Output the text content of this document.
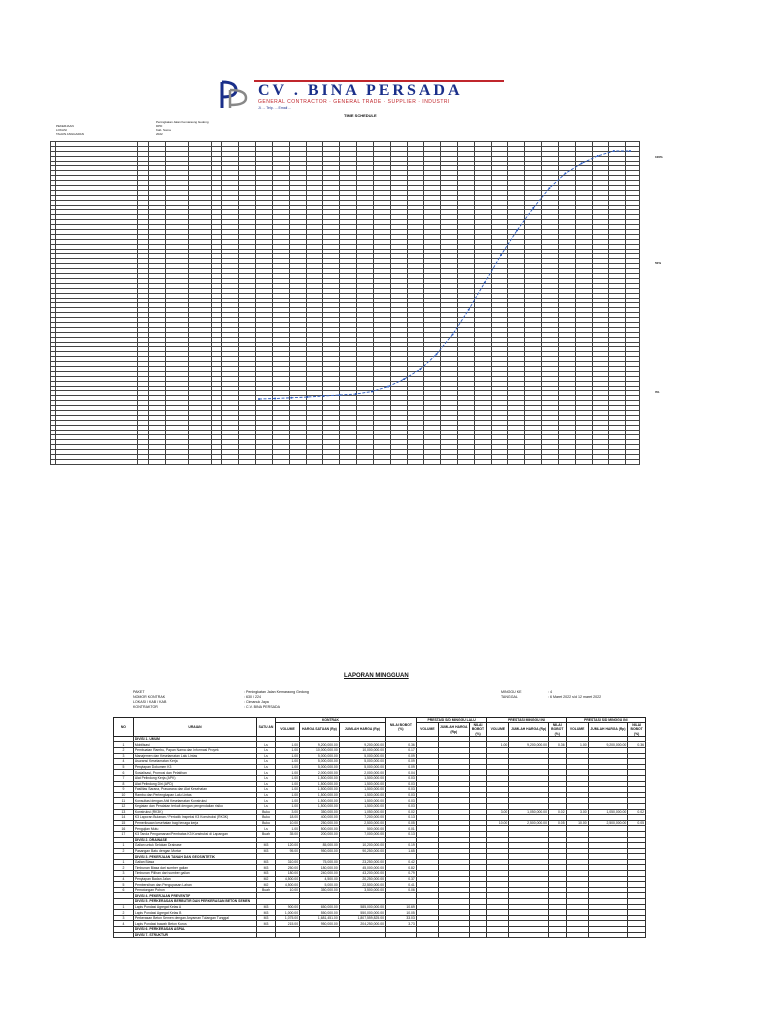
CV . BINA PERSADA
GENERAL CONTRACTOR · GENERAL TRADE · SUPPLIER · INDUSTRI
Jl. ... Telp. ... Email ...
TIME SCHEDULE
PEKERJAAN
LOKASI
TAHUN ANGGARAN
Peningkatan Jalan Kemaraong Gedong
DPD
Kab. Soma
2022

100%
50%
0%
LAPORAN MINGGUAN
PAKET
NOMOR KONTRAK
LOKASI / KAB / KAB
KONTRAKTOR
: Peningkatan Jalan Kemaraong Gedong
: 630 / 224
: Cimanuk Jaya
: C.V. BINA PERSADA
MINGGU KE
TANGGAL
: 4
: 6 Maret 2022 s/d 12 maret 2022
NO	URAIAN	SATU AN	KONTRAK			NILAI BOBOT (%)	PRESTASI S/D MINGGU LALU			PRESTASI MINGGU INI			PRESTASI S/D MINGGU INI		
			VOLUME	HARGA SATUAN (Rp)	JUMLAH HARGA (Rp)		VOLUME	JUMLAH HARGA (Rp)	NILAI BOBOT (%)	VOLUME	JUMLAH HARGA (Rp)	NILAI BOBOT (%)	VOLUME	JUMLAH HARGA (Rp)	NILAI BOBOT (%)

	DIVISI 1. UMUM														
1	Mobilisasi	Ls	1.00	9,200,000.00	9,200,000.00	0.36				1.00	9,200,000.00	0.36	1.00	9,200,000.00	0.36
2	Pembuatan Rambu, Papan Nama dan Informasi Proyek	Ls	1.00	10,000,000.00	10,000,000.00	0.17									
3	Manajemen dan Keselamatan Lalu Lintas	Ls	1.00	5,000,000.00	5,000,000.00	0.09									
4	Asuransi Keselamatan Kerja	Ls	1.00	5,000,000.00	5,000,000.00	0.09									
5	Penyiapan Dokumen K3	Ls	1.00	5,000,000.00	5,000,000.00	0.09									
6	Sosialisasi, Promosi dan Pelatihan	Ls	1.00	2,000,000.00	2,000,000.00	0.04									
7	Alat Pelindung Kerja (APK)	Ls	1.00	1,500,000.00	1,500,000.00	0.03									
8	Alat Pelindung Diri (APD)	Ls	1.00	1,500,000.00	1,500,000.00	0.03									
9	Fasilitas Sarana, Prasarana dan Alat Kesehatan	Ls	1.00	1,500,000.00	1,500,000.00	0.03									
10	Rambu dan Perlengkapan Lalu Lintas	Ls	1.00	1,500,000.00	1,500,000.00	0.03									
11	Konsultasi dengan Ahli Keselamatan Konstruksi	Ls	1.00	1,500,000.00	1,500,000.00	0.03									
12	Kegiatan dan Peralatan terkait dengan pengendalian risiko	Ls	1.00	1,500,000.00	1,500,000.00	0.03									
13	Konstruksi (RK3K)	Buku	3.00	350,000.00	1,050,000.00	0.02				3.00	1,050,000.00	0.02	3.00	1,050,000.00	0.02
14	K3 Laporan Bulanan / Periodik Inspeksi K3 Konstruksi (RK3K)	Buku	18.00	400,000.00	7,200,000.00	0.13									
15	Pemeriksaan kesehatan bagi tenaga kerja	Buku	10.00	250,000.00	2,500,000.00	0.05				10.00	2,500,000.00	0.05	10.00	2,500,000.00	0.05
16	Pengujian Mutu	Ls	1.00	500,000.00	500,000.00	0.01									
17	K3 Tanda Pengamanan/Pembatas K3 Konstruksi di Lapangan	Buah	35.00	200,000.00	7,000,000.00	0.13									
	DIVISI 2. DRAINASE														
1	Galian untuk Selokan Drainase	M3	120.00	85,000.00	10,200,000.00	0.19									
2	Pasangan Batu dengan Mortar	M3	95.00	950,000.00	90,250,000.00	1.65									
	DIVISI 3. PEKERJAAN TANAH DAN GEOSINTETIK														
1	Galian Biasa	M3	310.00	75,000.00	23,250,000.00	0.42									
2	Timbunan Biasa dari sumber galian	M3	250.00	180,000.00	45,000,000.00	0.82									
3	Timbunan Pilihan dari sumber galian	M3	180.00	240,000.00	43,200,000.00	0.79									
4	Penyiapan Badan Jalan	M2	4,500.00	4,500.00	20,250,000.00	0.37									
5	Pembersihan dan Pengupasan Lahan	M2	4,500.00	5,000.00	22,500,000.00	0.41									
6	Pemotongan Pohon	Buah	10.00	350,000.00	3,500,000.00	0.06									
	DIVISI 4. PEKERJAAN PREVENTIF														
	DIVISI 5. PERKERASAN BERBUTIR DAN PERKERASAN BETON SEMEN														
1	Lapis Pondasi Agregat Kelas A	M3	900.00	650,000.00	585,000,000.00	10.69									
2	Lapis Pondasi Agregat Kelas B	M3	1,000.00	550,000.00	550,000,000.00	10.05									
3	Perkerasan Beton Semen dengan Anyaman Tulangan Tunggal	M3	1,075.00	1,681,451.00	1,807,559,825.00	33.03									
4	Lapis Pondasi bawah Beton Kurus	M3	215.00	950,000.00	204,250,000.00	3.73									
	DIVISI 6. PERKERASAN ASPAL														
	DIVISI 7. STRUKTUR														
